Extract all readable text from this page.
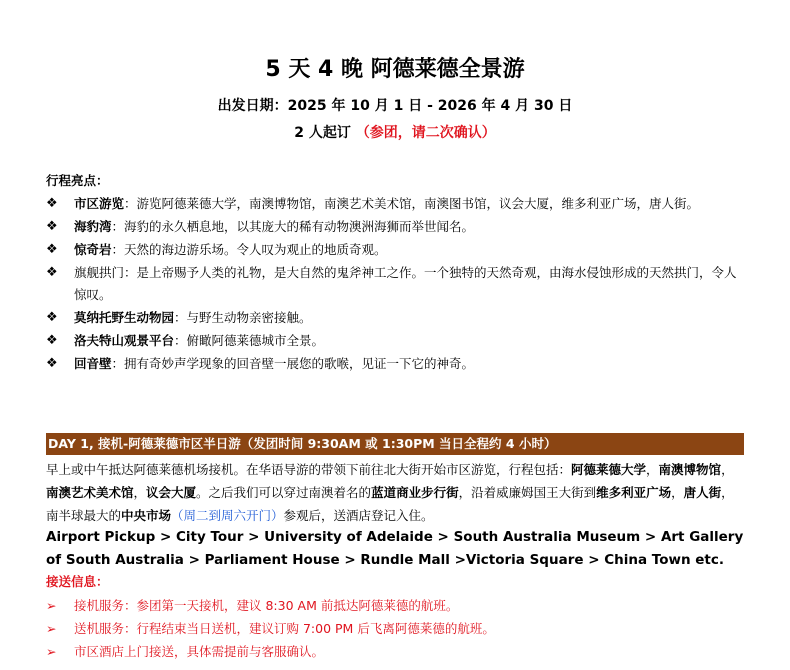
5 天 4 晚 阿德莱德全景游
出发日期：2025 年 10 月 1 日 - 2026 年 4 月 30 日
2 人起订 （参团，请二次确认）
行程亮点：
❖	市区游览：游览阿德莱德大学，南澳博物馆，南澳艺术美术馆，南澳图书馆，议会大厦，维多利亚广场，唐人街。
❖	海豹湾：海豹的永久栖息地，以其庞大的稀有动物澳洲海狮而举世闻名。
❖	惊奇岩：天然的海边游乐场。令人叹为观止的地质奇观。
❖	旗舰拱门：是上帝赐予人类的礼物，是大自然的鬼斧神工之作。一个独特的天然奇观，由海水侵蚀形成的天然拱门，令人惊叹。
❖	莫纳托野生动物园：与野生动物亲密接触。
❖	洛夫特山观景平台：俯瞰阿德莱德城市全景。
❖	回音壁：拥有奇妙声学现象的回音壁一展您的歌喉，见证一下它的神奇。
DAY 1, 接机-阿德莱德市区半日游（发团时间 9:30AM 或 1:30PM 当日全程约 4 小时）
早上或中午抵达阿德莱德机场接机。在华语导游的带领下前往北大街开始市区游览，行程包括：阿德莱德大学，南澳博物馆，南澳艺术美术馆，议会大厦。之后我们可以穿过南澳着名的蓝道商业步行街，沿着威廉姆国王大街到维多利亚广场，唐人街，南半球最大的中央市场（周二到周六开门）参观后，送酒店登记入住。
Airport Pickup > City Tour > University of Adelaide > South Australia Museum > Art Gallery of South Australia > Parliament House > Rundle Mall >Victoria Square > China Town etc.
接送信息：
➢	接机服务：参团第一天接机，建议 8:30 AM 前抵达阿德莱德的航班。
➢	送机服务：行程结束当日送机，建议订购 7:00 PM 后飞离阿德莱德的航班。
➢	市区酒店上门接送，具体需提前与客服确认。
